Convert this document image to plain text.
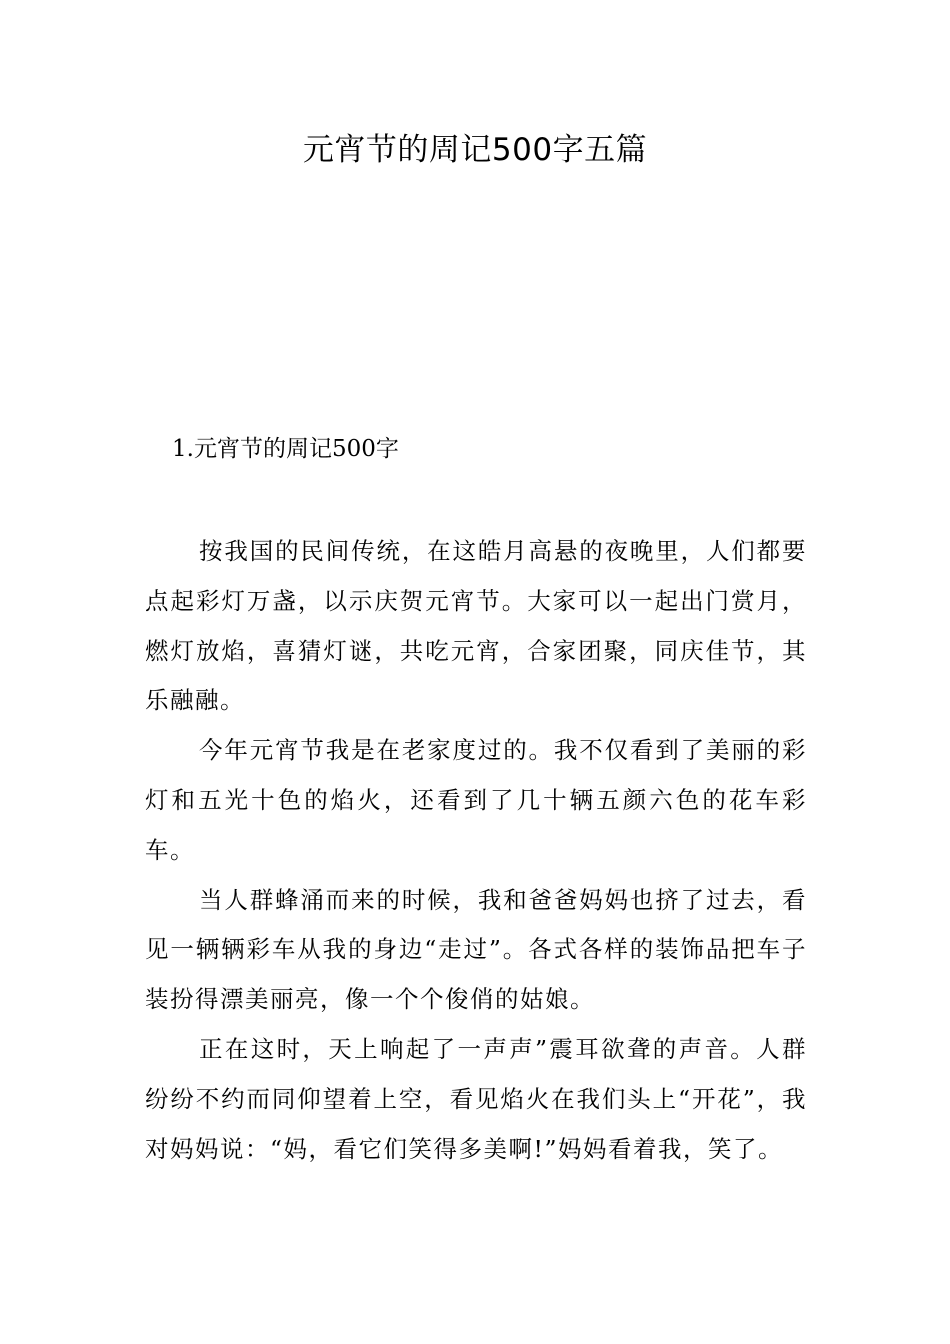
元宵节的周记500字五篇
1.元宵节的周记500字

按我国的民间传统，在这皓月高悬的夜晚里，人们都要点起彩灯万盏，以示庆贺元宵节。大家可以一起出门赏月，燃灯放焰，喜猜灯谜，共吃元宵，合家团聚，同庆佳节，其乐融融。

今年元宵节我是在老家度过的。我不仅看到了美丽的彩灯和五光十色的焰火，还看到了几十辆五颜六色的花车彩车。

当人群蜂涌而来的时候，我和爸爸妈妈也挤了过去，看见一辆辆彩车从我的身边“走过”。各式各样的装饰品把车子装扮得漂美丽亮，像一个个俊俏的姑娘。

正在这时，天上响起了一声声”震耳欲聋的声音。人群纷纷不约而同仰望着上空，看见焰火在我们头上“开花”，我对妈妈说：“妈，看它们笑得多美啊!”妈妈看着我，笑了。
